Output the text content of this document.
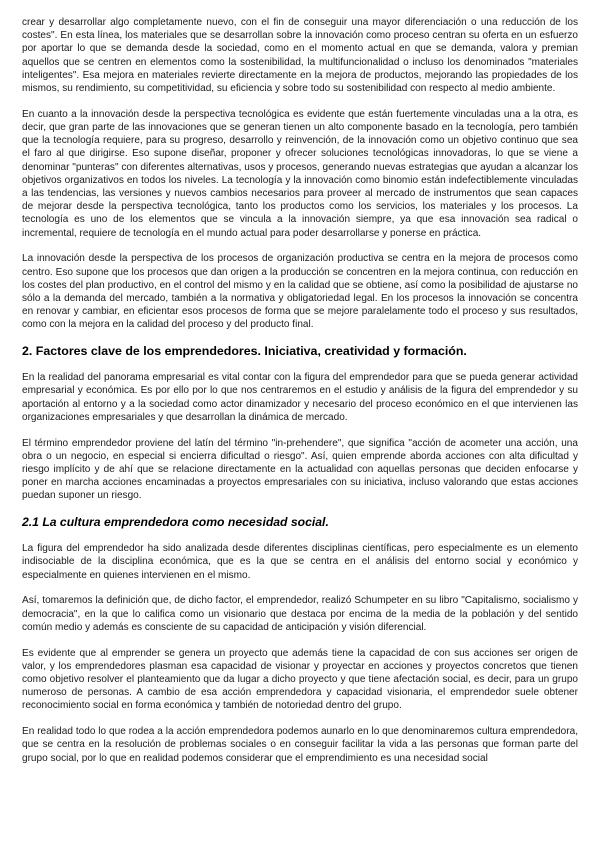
crear y desarrollar algo completamente nuevo, con el fin de conseguir una mayor diferenciación o una reducción de los costes". En esta línea, los materiales que se desarrollan sobre la innovación como proceso centran su oferta en un esfuerzo por aportar lo que se demanda desde la sociedad, como en el momento actual en que se demanda, valora y premian aquellos que se centren en elementos como la sostenibilidad, la multifuncionalidad o incluso los denominados "materiales inteligentes". Esa mejora en materiales revierte directamente en la mejora de productos, mejorando las propiedades de los mismos, su rendimiento, su competitividad, su eficiencia y sobre todo su sostenibilidad con respecto al medio ambiente.

En cuanto a la innovación desde la perspectiva tecnológica es evidente que están fuertemente vinculadas una a la otra, es decir, que gran parte de las innovaciones que se generan tienen un alto componente basado en la tecnología, pero también que la tecnología requiere, para su progreso, desarrollo y reinvención, de la innovación como un objetivo continuo que sea el faro al que dirigirse. Eso supone diseñar, proponer y ofrecer soluciones tecnológicas innovadoras, lo que se viene a denominar "punteras" con diferentes alternativas, usos y procesos, generando nuevas estrategias que ayudan a alcanzar los objetivos organizativos en todos los niveles. La tecnología y la innovación como binomio están indefectiblemente vinculadas a las tendencias, las versiones y nuevos cambios necesarios para proveer al mercado de instrumentos que sean capaces de mejorar desde la perspectiva tecnológica, tanto los productos como los servicios, los materiales y los procesos. La tecnología es uno de los elementos que se vincula a la innovación siempre, ya que esa innovación sea radical o incremental, requiere de tecnología en el mundo actual para poder desarrollarse y ponerse en práctica.

La innovación desde la perspectiva de los procesos de organización productiva se centra en la mejora de procesos como centro. Eso supone que los procesos que dan origen a la producción se concentren en la mejora continua, con reducción en los costes del plan productivo, en el control del mismo y en la calidad que se obtiene, así como la posibilidad de ajustarse no sólo a la demanda del mercado, también a la normativa y obligatoriedad legal. En los procesos la innovación se concentra en renovar y cambiar, en eficientar esos procesos de forma que se mejore paralelamente todo el proceso y sus resultados, como con la mejora en la calidad del proceso y del producto final.

2. Factores clave de los emprendedores. Iniciativa, creatividad y formación.

En la realidad del panorama empresarial es vital contar con la figura del emprendedor para que se pueda generar actividad empresarial y económica. Es por ello por lo que nos centraremos en el estudio y análisis de la figura del emprendedor y su aportación al entorno y a la sociedad como actor dinamizador y necesario del proceso económico en el que intervienen las organizaciones empresariales y que desarrollan la dinámica de mercado.

El término emprendedor proviene del latín del término "in-prehendere", que significa "acción de acometer una acción, una obra o un negocio, en especial si encierra dificultad o riesgo". Así, quien emprende aborda acciones con alta dificultad y riesgo implícito y de ahí que se relacione directamente en la actualidad con aquellas personas que deciden enfocarse y poner en marcha acciones encaminadas a proyectos empresariales con su iniciativa, incluso valorando que estas acciones puedan suponer un riesgo.

2.1 La cultura emprendedora como necesidad social.

La figura del emprendedor ha sido analizada desde diferentes disciplinas científicas, pero especialmente es un elemento indisociable de la disciplina económica, que es la que se centra en el análisis del entorno social y económico y especialmente en quienes intervienen en el mismo.

Así, tomaremos la definición que, de dicho factor, el emprendedor, realizó Schumpeter en su libro "Capitalismo, socialismo y democracia", en la que lo califica como un visionario que destaca por encima de la media de la población y del sentido común medio y además es consciente de su capacidad de anticipación y visión diferencial.

Es evidente que al emprender se genera un proyecto que además tiene la capacidad de con sus acciones ser origen de valor, y los emprendedores plasman esa capacidad de visionar y proyectar en acciones y proyectos concretos que tienen como objetivo resolver el planteamiento que da lugar a dicho proyecto y que tiene afectación social, es decir, para un grupo numeroso de personas. A cambio de esa acción emprendedora y capacidad visionaria, el emprendedor suele obtener reconocimiento social en forma económica y también de notoriedad dentro del grupo.

En realidad todo lo que rodea a la acción emprendedora podemos aunarlo en lo que denominaremos cultura emprendedora, que se centra en la resolución de problemas sociales o en conseguir facilitar la vida a las personas que forman parte del grupo social, por lo que en realidad podemos considerar que el emprendimiento es una necesidad social
